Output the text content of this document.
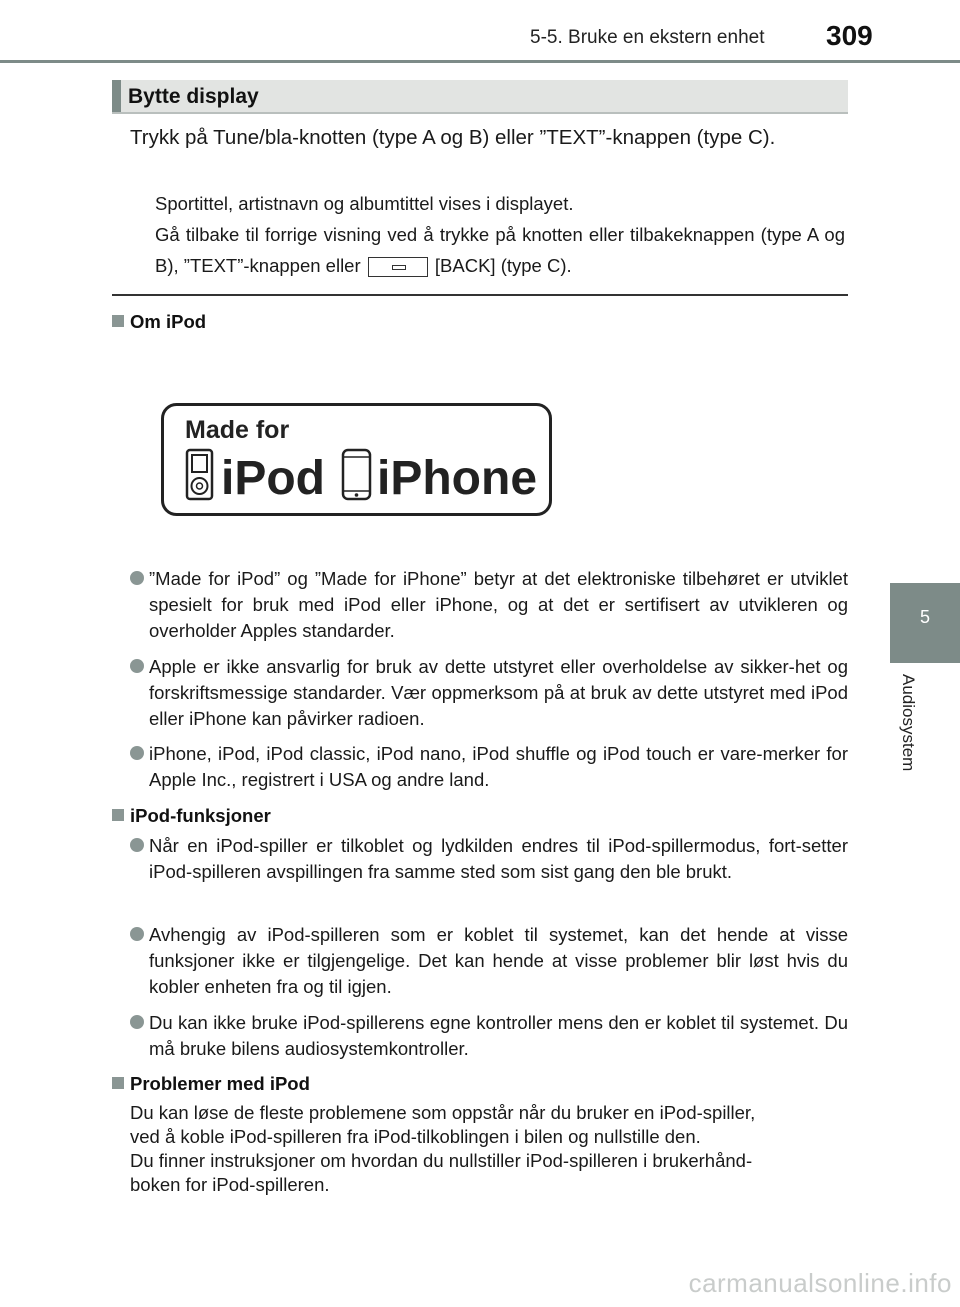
5-5. Bruke en ekstern enhet 309
5
Audiosystem
Bytte display

Trykk på Tune/bla-knotten (type A og B) eller ”TEXT”-knappen (type C).

Sportittel, artistnavn og albumtittel vises i displayet.

Gå tilbake til forrige visning ved å trykke på knotten eller tilbakeknappen (type A og B), ”TEXT”-knappen eller	[BACK] (type C).

Om iPod
Made for
iPod iPhone
”Made for iPod” og ”Made for iPhone” betyr at det elektroniske tilbehøret er utviklet spesielt for bruk med iPod eller iPhone, og at det er sertifisert av utvikleren og overholder Apples standarder.
Apple er ikke ansvarlig for bruk av dette utstyret eller overholdelse av sikker-het og forskriftsmessige standarder. Vær oppmerksom på at bruk av dette utstyret med iPod eller iPhone kan påvirker radioen.
iPhone, iPod, iPod classic, iPod nano, iPod shuffle og iPod touch er vare-merker for Apple Inc., registrert i USA og andre land.
iPod-funksjoner
Når en iPod-spiller er tilkoblet og lydkilden endres til iPod-spillermodus, fort-setter iPod-spilleren avspillingen fra samme sted som sist gang den ble brukt.
Avhengig av iPod-spilleren som er koblet til systemet, kan det hende at visse funksjoner ikke er tilgjengelige. Det kan hende at visse problemer blir løst hvis du kobler enheten fra og til igjen.
Du kan ikke bruke iPod-spillerens egne kontroller mens den er koblet til systemet. Du må bruke bilens audiosystemkontroller.
Problemer med iPod
Du kan løse de fleste problemene som oppstår når du bruker en iPod-spiller,
ved å koble iPod-spilleren fra iPod-tilkoblingen i bilen og nullstille den.
Du finner instruksjoner om hvordan du nullstiller iPod-spilleren i brukerhånd-
boken for iPod-spilleren.
carmanualsonline.info
